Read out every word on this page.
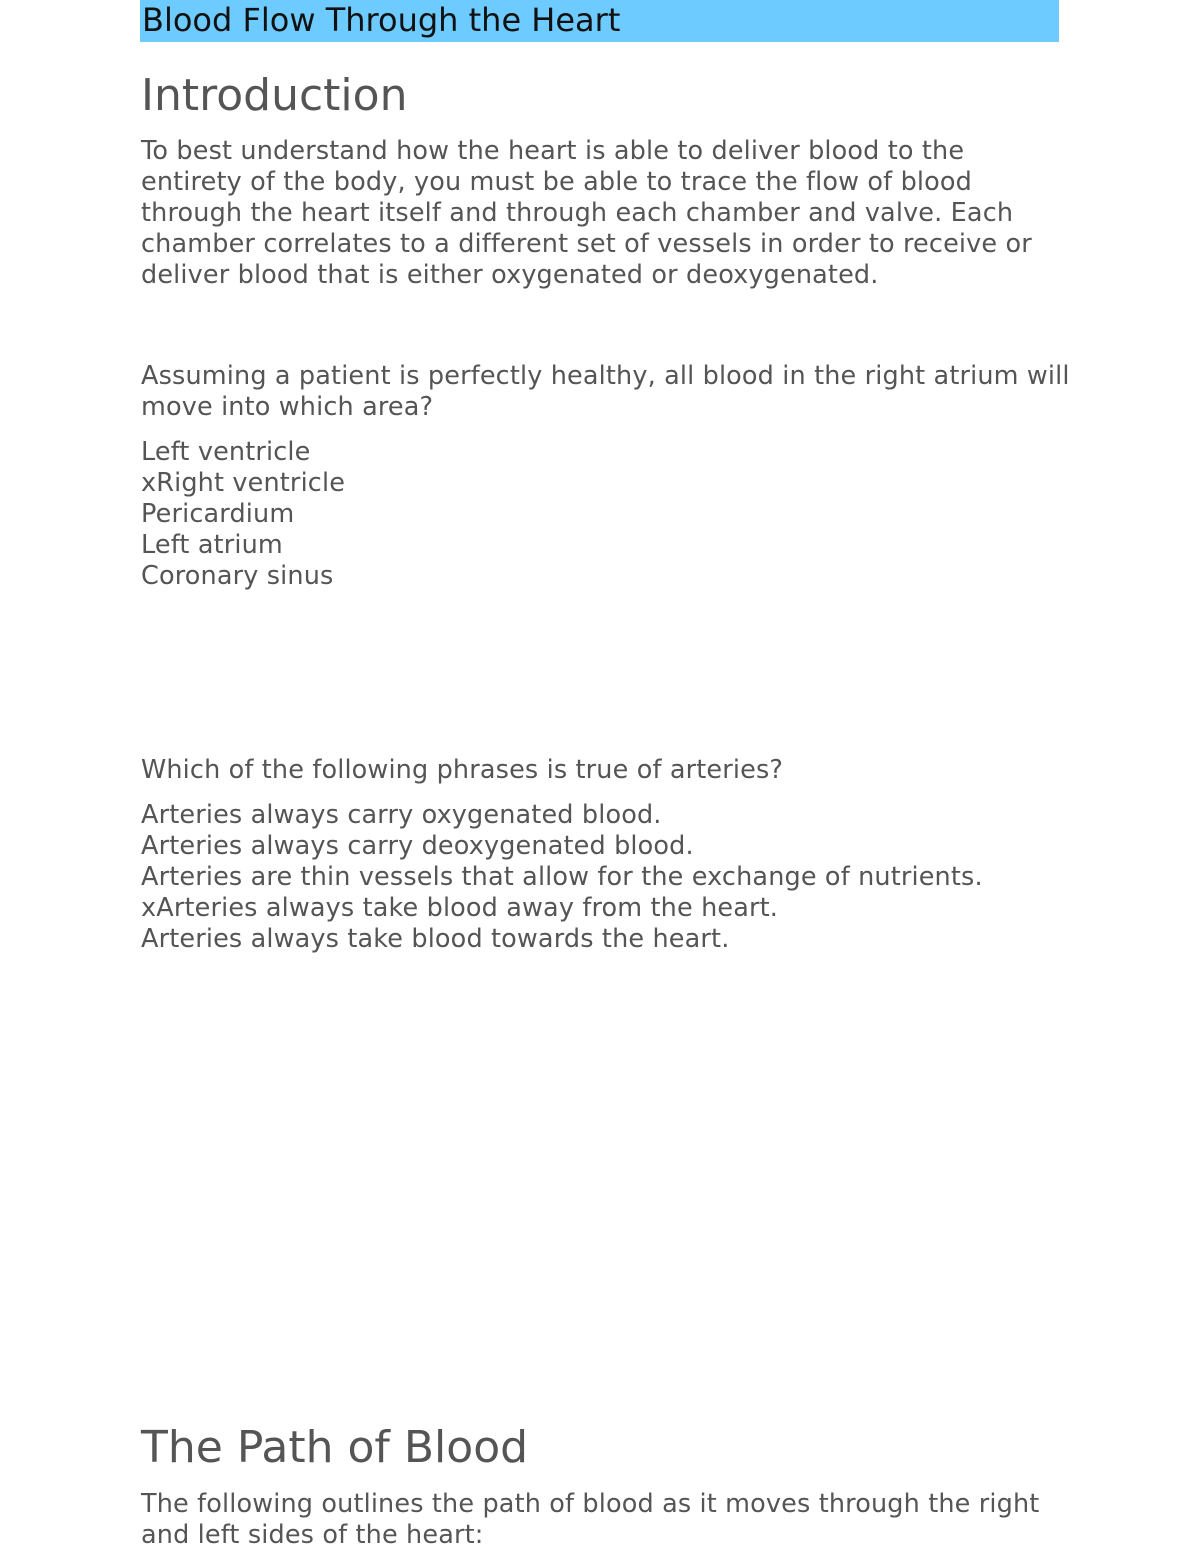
Blood Flow Through the Heart
Introduction

To best understand how the heart is able to deliver blood to the entirety of the body, you must be able to trace the flow of blood through the heart itself and through each chamber and valve. Each chamber correlates to a different set of vessels in order to receive or deliver blood that is either oxygenated or deoxygenated.

Assuming a patient is perfectly healthy, all blood in the right atrium will move into which area?

Left ventricle
xRight ventricle
Pericardium
Left atrium
Coronary sinus

Which of the following phrases is true of arteries?

Arteries always carry oxygenated blood.
Arteries always carry deoxygenated blood.
Arteries are thin vessels that allow for the exchange of nutrients.
xArteries always take blood away from the heart.
Arteries always take blood towards the heart.
The Path of Blood

The following outlines the path of blood as it moves through the right and left sides of the heart:
